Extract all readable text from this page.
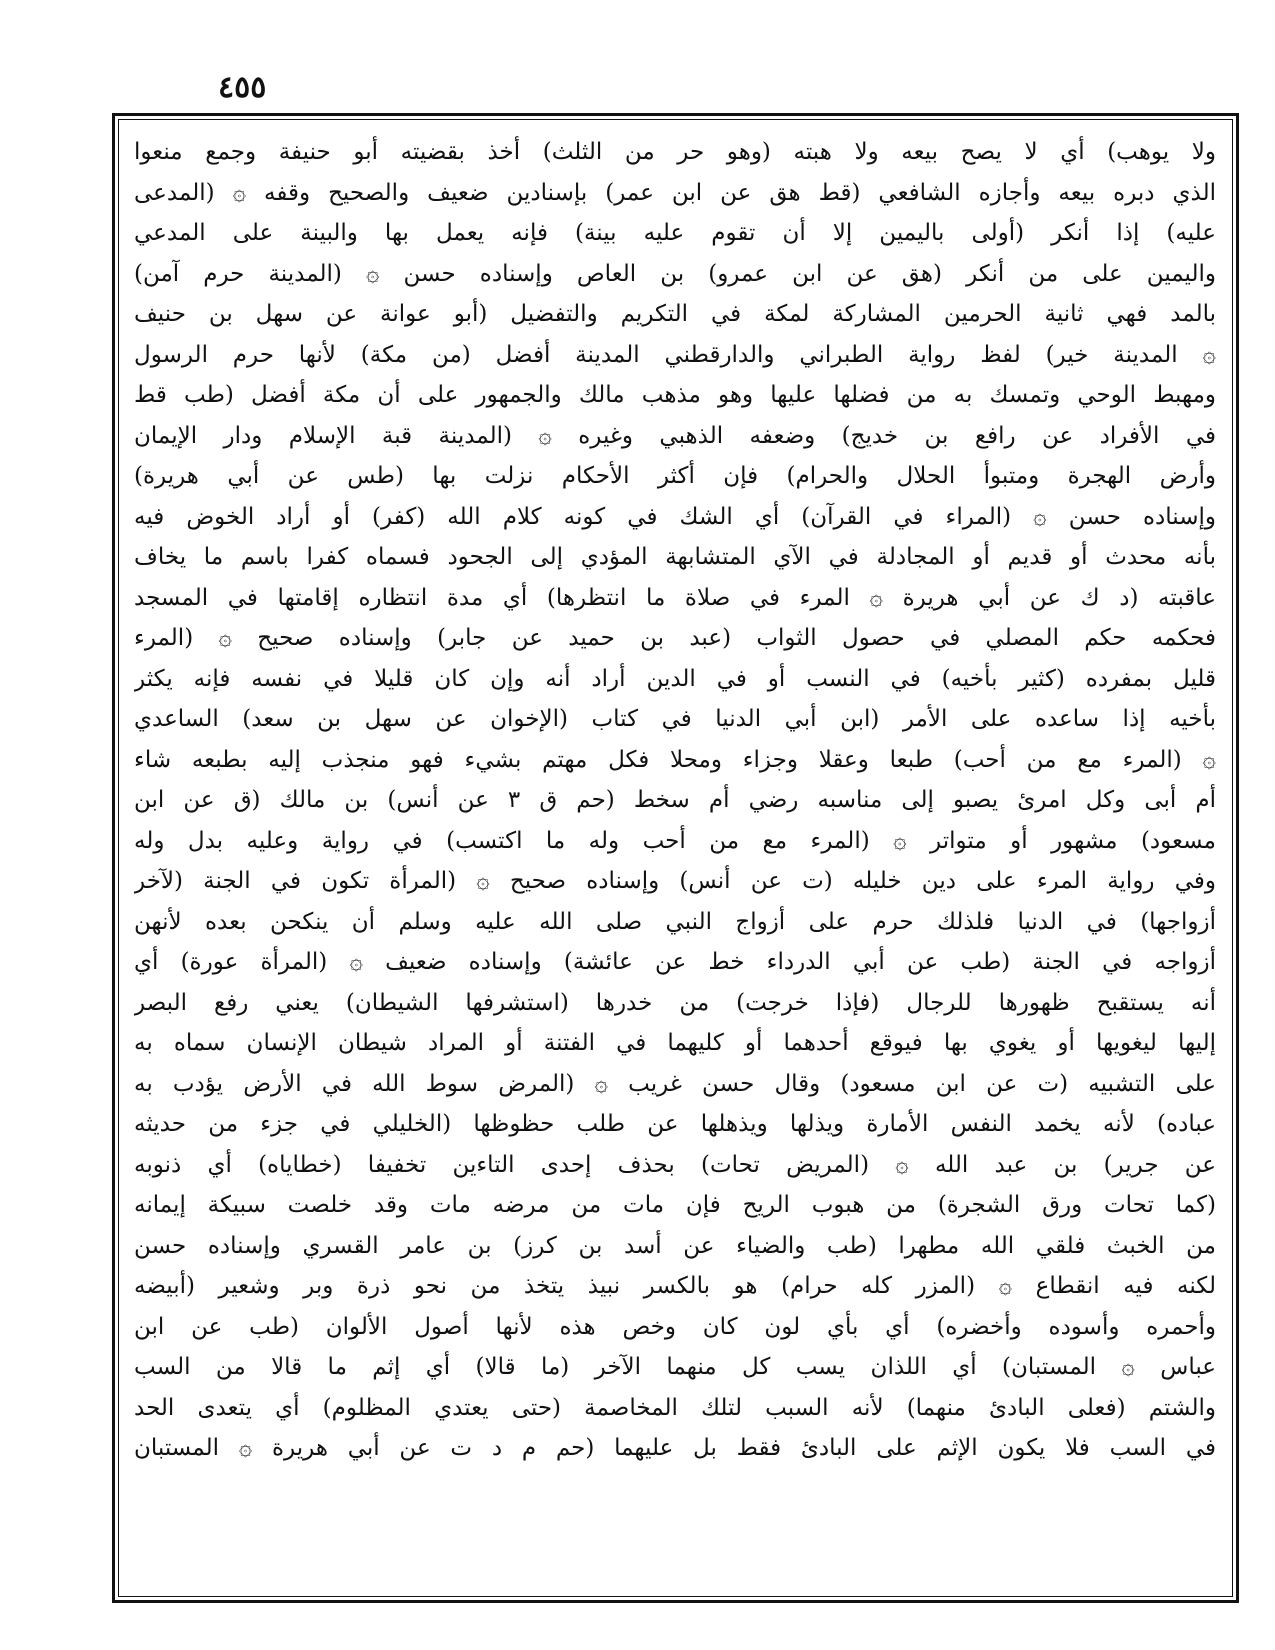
٤٥٥
ولا يوهب) أي لا يصح بيعه ولا هبته (وهو حر من الثلث) أخذ بقضيته أبو حنيفة وجمع منعوا
الذي دبره بيعه وأجازه الشافعي (قط هق عن ابن عمر) بإسنادين ضعيف والصحيح وقفه ۞ (المدعى
عليه) إذا أنكر (أولى باليمين إلا أن تقوم عليه بينة) فإنه يعمل بها والبينة على المدعي
واليمين على من أنكر (هق عن ابن عمرو) بن العاص وإسناده حسن ۞ (المدينة حرم آمن)
بالمد فهي ثانية الحرمين المشاركة لمكة في التكريم والتفضيل (أبو عوانة عن سهل بن حنيف
۞ المدينة خير) لفظ رواية الطبراني والدارقطني المدينة أفضل (من مكة) لأنها حرم الرسول
ومهبط الوحي وتمسك به من فضلها عليها وهو مذهب مالك والجمهور على أن مكة أفضل (طب قط
في الأفراد عن رافع بن خديج) وضعفه الذهبي وغيره ۞ (المدينة قبة الإسلام ودار الإيمان
وأرض الهجرة ومتبوأ الحلال والحرام) فإن أكثر الأحكام نزلت بها (طس عن أبي هريرة)
وإسناده حسن ۞ (المراء في القرآن) أي الشك في كونه كلام الله (كفر) أو أراد الخوض فيه
بأنه محدث أو قديم أو المجادلة في الآي المتشابهة المؤدي إلى الجحود فسماه كفرا باسم ما يخاف
عاقبته (د ك عن أبي هريرة ۞ المرء في صلاة ما انتظرها) أي مدة انتظاره إقامتها في المسجد
فحكمه حكم المصلي في حصول الثواب (عبد بن حميد عن جابر) وإسناده صحيح ۞ (المرء
قليل بمفرده (كثير بأخيه) في النسب أو في الدين أراد أنه وإن كان قليلا في نفسه فإنه يكثر
بأخيه إذا ساعده على الأمر (ابن أبي الدنيا في كتاب (الإخوان عن سهل بن سعد) الساعدي
۞ (المرء مع من أحب) طبعا وعقلا وجزاء ومحلا فكل مهتم بشيء فهو منجذب إليه بطبعه شاء
أم أبى وكل امرئ يصبو إلى مناسبه رضي أم سخط (حم ق ٣ عن أنس) بن مالك (ق عن ابن
مسعود) مشهور أو متواتر ۞ (المرء مع من أحب وله ما اكتسب) في رواية وعليه بدل وله
وفي رواية المرء على دين خليله (ت عن أنس) وإسناده صحيح ۞ (المرأة تكون في الجنة (لآخر
أزواجها) في الدنيا فلذلك حرم على أزواج النبي صلى الله عليه وسلم أن ينكحن بعده لأنهن
أزواجه في الجنة (طب عن أبي الدرداء خط عن عائشة) وإسناده ضعيف ۞ (المرأة عورة) أي
أنه يستقبح ظهورها للرجال (فإذا خرجت) من خدرها (استشرفها الشيطان) يعني رفع البصر
إليها ليغويها أو يغوي بها فيوقع أحدهما أو كليهما في الفتنة أو المراد شيطان الإنسان سماه به
على التشبيه (ت عن ابن مسعود) وقال حسن غريب ۞ (المرض سوط الله في الأرض يؤدب به
عباده) لأنه يخمد النفس الأمارة ويذلها ويذهلها عن طلب حظوظها (الخليلي في جزء من حديثه
عن جرير) بن عبد الله ۞ (المريض تحات) بحذف إحدى التاءين تخفيفا (خطاياه) أي ذنوبه
(كما تحات ورق الشجرة) من هبوب الريح فإن مات من مرضه مات وقد خلصت سبيكة إيمانه
من الخبث فلقي الله مطهرا (طب والضياء عن أسد بن كرز) بن عامر القسري وإسناده حسن
لكنه فيه انقطاع ۞ (المزر كله حرام) هو بالكسر نبيذ يتخذ من نحو ذرة وبر وشعير (أبيضه
وأحمره وأسوده وأخضره) أي بأي لون كان وخص هذه لأنها أصول الألوان (طب عن ابن
عباس ۞ المستبان) أي اللذان يسب كل منهما الآخر (ما قالا) أي إثم ما قالا من السب
والشتم (فعلى البادئ منهما) لأنه السبب لتلك المخاصمة (حتى يعتدي المظلوم) أي يتعدى الحد
في السب فلا يكون الإثم على البادئ فقط بل عليهما (حم م د ت عن أبي هريرة ۞ المستبان
